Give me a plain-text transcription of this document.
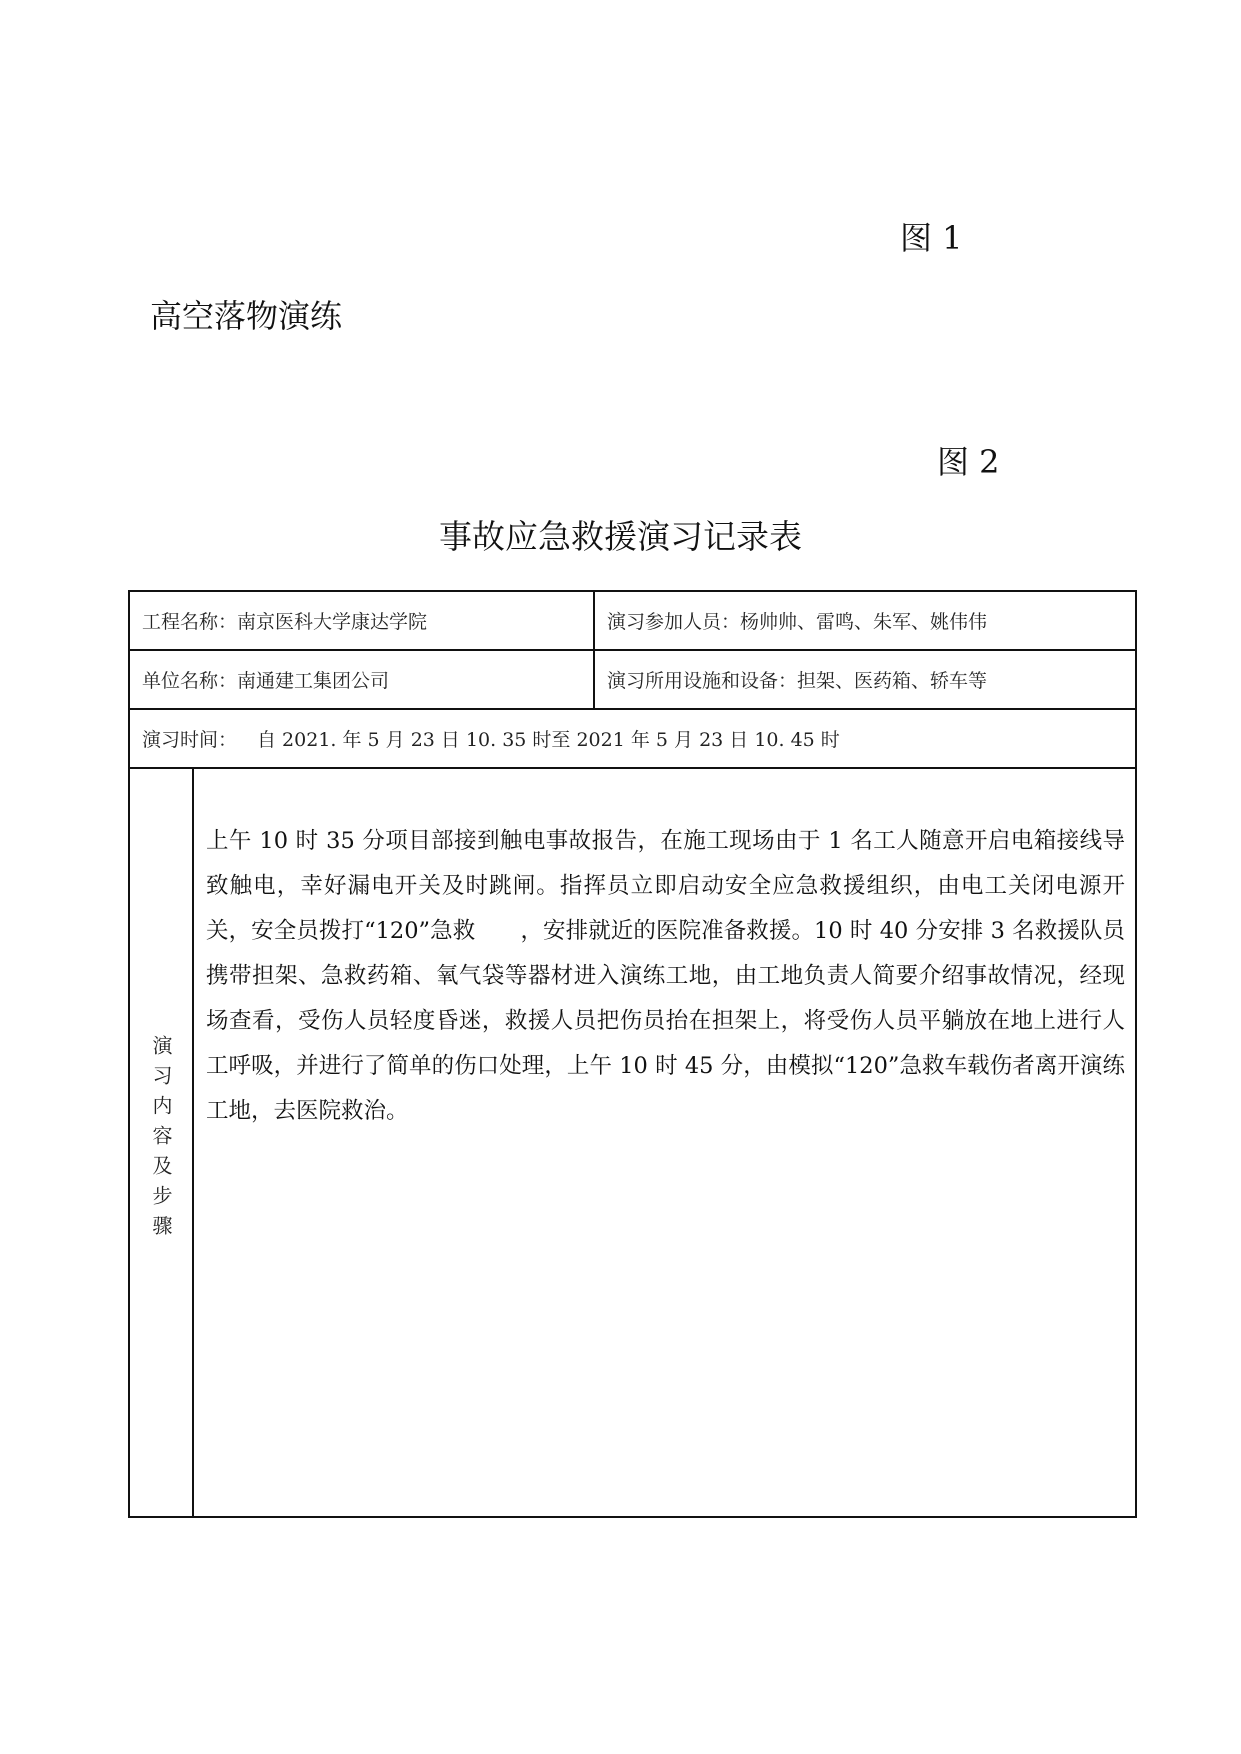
图 1
高空落物演练
图 2
事故应急救援演习记录表
工程名称：南京医科大学康达学院		演习参加人员：杨帅帅、雷鸣、朱军、姚伟伟
单位名称：南通建工集团公司		演习所用设施和设备：担架、医药箱、轿车等
演习时间： 自 2021. 年 5 月 23 日 10. 35 时至 2021 年 5 月 23 日 10. 45 时		
演习内容及步骤	上午 10 时 35 分项目部接到触电事故报告，在施工现场由于 1 名工人随意开启电箱接线导致触电，幸好漏电开关及时跳闸。指挥员立即启动安全应急救援组织，由电工关闭电源开关，安全员拨打“120”急救　　，安排就近的医院准备救援。10 时 40 分安排 3 名救援队员携带担架、急救药箱、氧气袋等器材进入演练工地，由工地负责人简要介绍事故情况，经现场查看，受伤人员轻度昏迷，救援人员把伤员抬在担架上，将受伤人员平躺放在地上进行人工呼吸，并进行了简单的伤口处理，上午 10 时 45 分，由模拟“120”急救车载伤者离开演练工地，去医院救治。	
